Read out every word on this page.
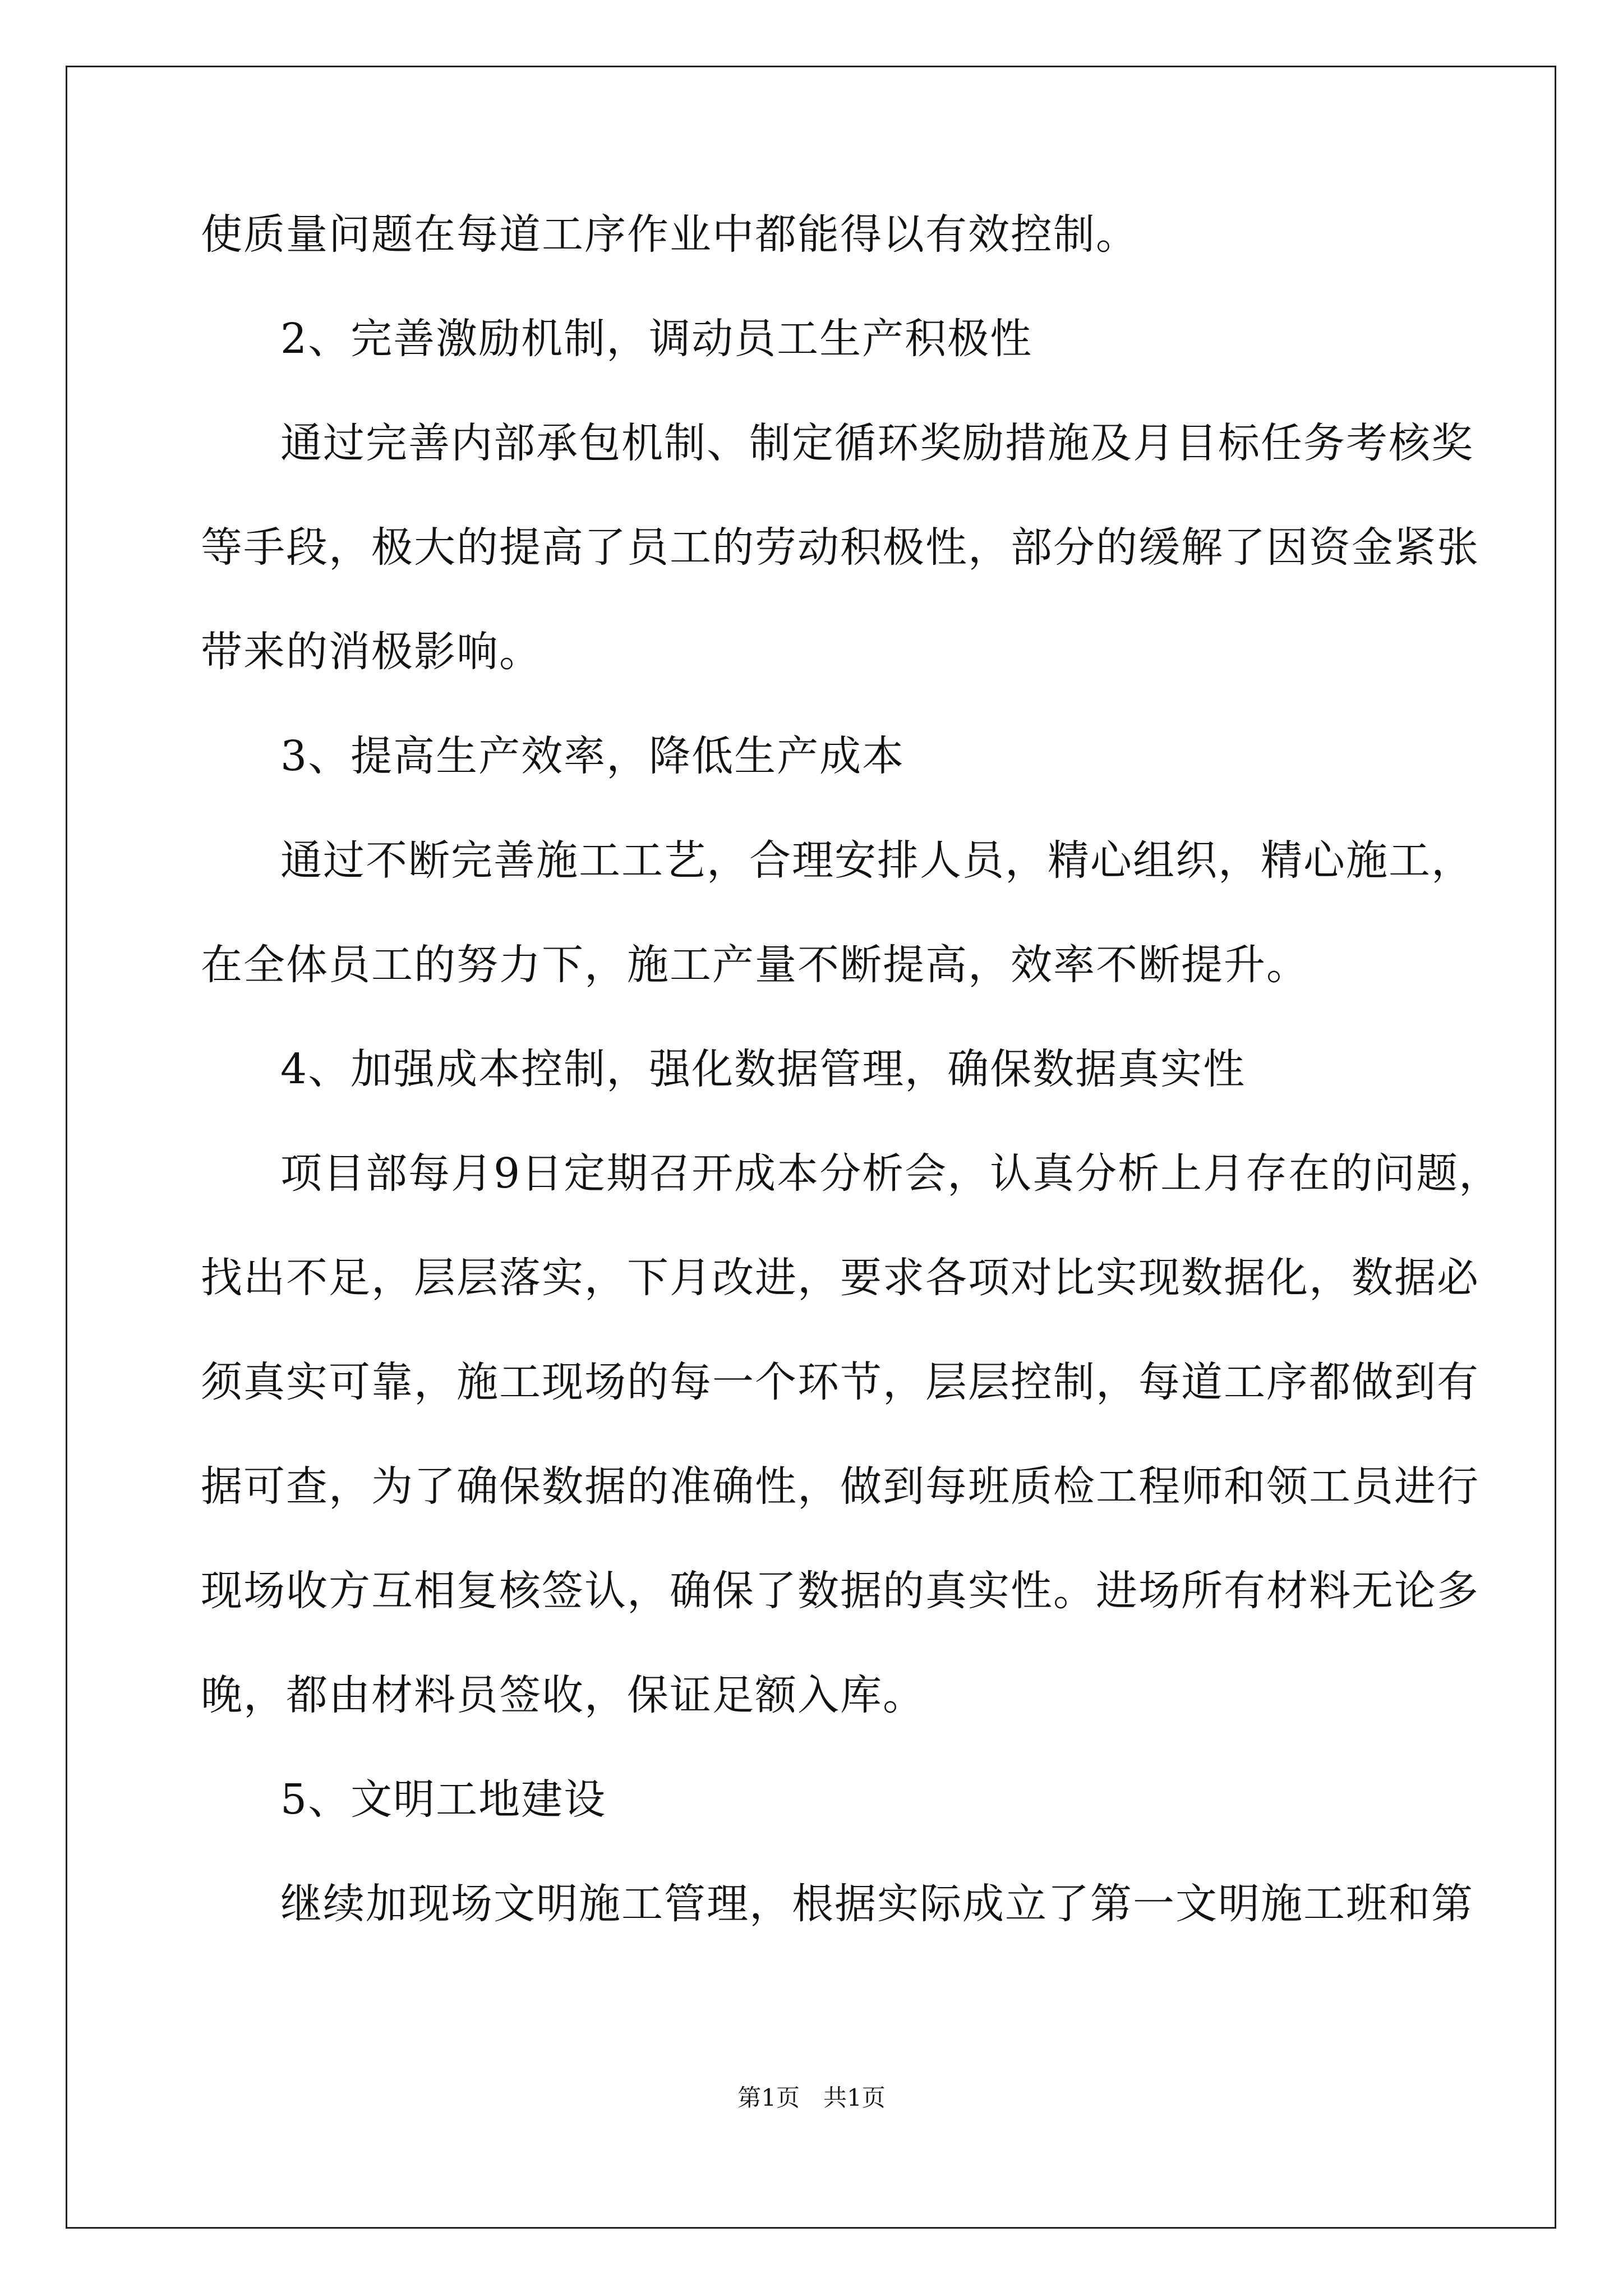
使质量问题在每道工序作业中都能得以有效控制。
2、完善激励机制，调动员工生产积极性
通过完善内部承包机制、制定循环奖励措施及月目标任务考核奖
等手段，极大的提高了员工的劳动积极性，部分的缓解了因资金紧张
带来的消极影响。
3、提高生产效率，降低生产成本
通过不断完善施工工艺，合理安排人员，精心组织，精心施工，
在全体员工的努力下，施工产量不断提高，效率不断提升。
4、加强成本控制，强化数据管理，确保数据真实性
项目部每月9日定期召开成本分析会，认真分析上月存在的问题，
找出不足，层层落实，下月改进，要求各项对比实现数据化，数据必
须真实可靠，施工现场的每一个环节，层层控制，每道工序都做到有
据可查，为了确保数据的准确性，做到每班质检工程师和领工员进行
现场收方互相复核签认，确保了数据的真实性。进场所有材料无论多
晚，都由材料员签收，保证足额入库。
5、文明工地建设
继续加现场文明施工管理，根据实际成立了第一文明施工班和第
第1页　共1页
